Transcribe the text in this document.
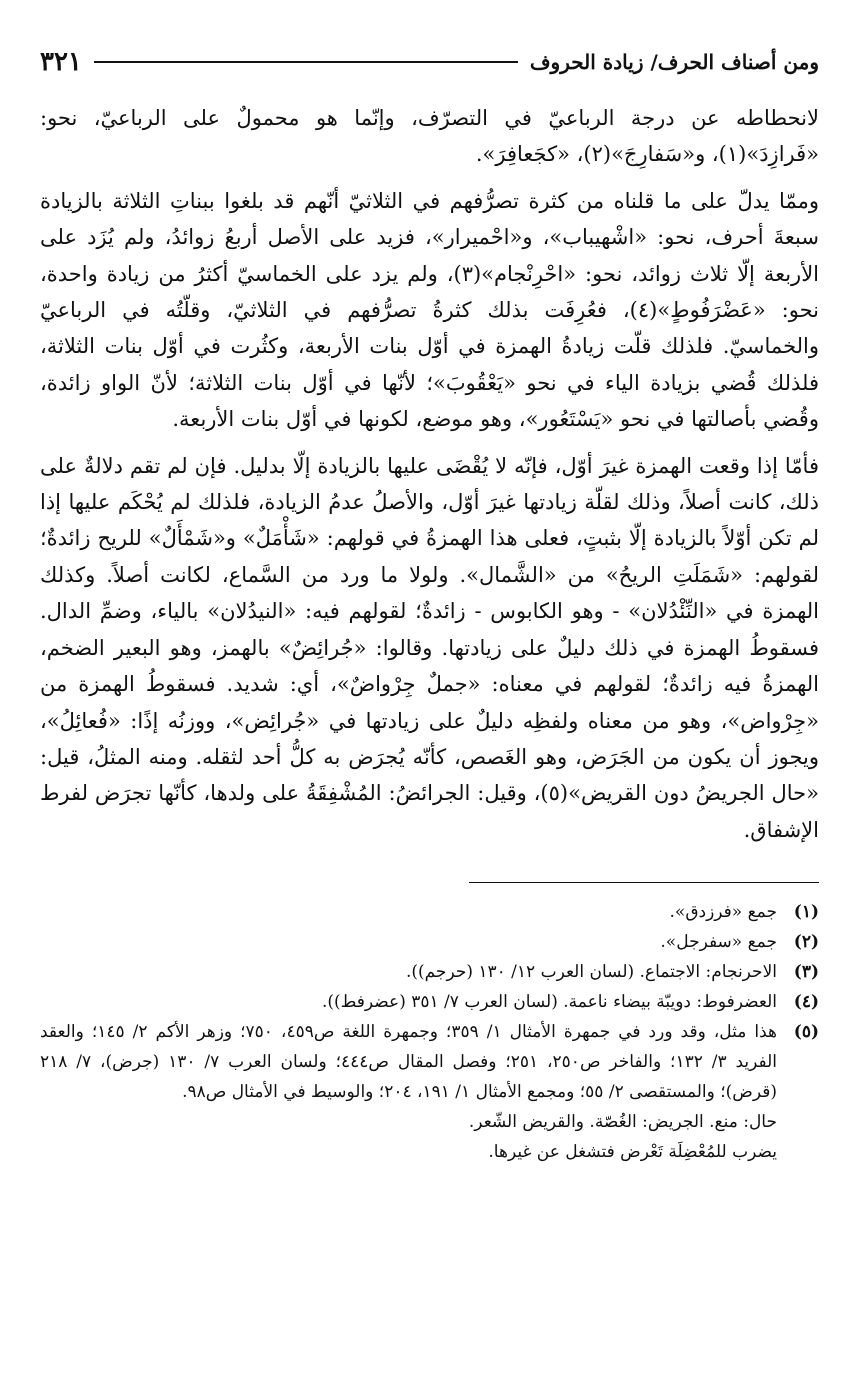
ومن أصناف الحرف/ زيادة الحروف
٣٢١

لانحطاطه عن درجة الرباعيّ في التصرّف، وإنّما هو محمولٌ على الرباعيّ، نحو: «فَرازِدَ»(١)، و«سَفارِجَ»(٢)، «كجَعافِرَ».

وممّا يدلّ على ما قلناه من كثرة تصرُّفهم في الثلاثيّ أنّهم قد بلغوا ببناتِ الثلاثة بالزيادة سبعةَ أحرف، نحو: «اشْهيباب»، و«احْميرار»، فزيد على الأصل أربعُ زوائدُ، ولم يُزَد على الأربعة إلّا ثلاث زوائد، نحو: «احْرِنْجام»(٣)، ولم يزد على الخماسيّ أكثرُ من زيادة واحدة، نحو: «عَضْرَفُوطٍ»(٤)، فعُرِفَت بذلك كثرةُ تصرُّفهم في الثلاثيّ، وقلّتُه في الرباعيّ والخماسيّ. فلذلك قلّت زيادةُ الهمزة في أوّل بنات الأربعة، وكثُرت في أوّل بنات الثلاثة، فلذلك قُضي بزيادة الياء في نحو «يَعْقُوبَ»؛ لأنّها في أوّل بنات الثلاثة؛ لأنّ الواو زائدة، وقُضي بأصالتها في نحو «يَسْتَعُور»، وهو موضع، لكونها في أوّل بنات الأربعة.

فأمّا إذا وقعت الهمزة غيرَ أوّل، فإنّه لا يُقْضَى عليها بالزيادة إلّا بدليل. فإن لم تقم دلالةٌ على ذلك، كانت أصلاً، وذلك لقلّة زيادتها غيرَ أوّل، والأصلُ عدمُ الزيادة، فلذلك لم يُحْكَم عليها إذا لم تكن أوّلاً بالزيادة إلّا بثبتٍ، فعلى هذا الهمزةُ في قولهم: «شَأْمَلٌ» و«شَمْأَلٌ» للريح زائدةٌ؛ لقولهم: «شَمَلَتِ الريحُ» من «الشَّمال». ولولا ما ورد من السَّماع، لكانت أصلاً. وكذلك الهمزة في «النِّئْدُلان» - وهو الكابوس - زائدةٌ؛ لقولهم فيه: «النيدُلان» بالياء، وضمِّ الدال. فسقوطُ الهمزة في ذلك دليلٌ على زيادتها. وقالوا: «جُرائِضٌ» بالهمز، وهو البعير الضخم، الهمزةُ فيه زائدةٌ؛ لقولهم في معناه: «جملٌ جِرْواضٌ»، أي: شديد. فسقوطُ الهمزة من «جِرْواض»، وهو من معناه ولفظِه دليلٌ على زيادتها في «جُرائِض»، ووزنُه إذًا: «فُعائِلُ»، ويجوز أن يكون من الجَرَض، وهو الغَصص، كأنّه يُجرَض به كلُّ أحد لثقله. ومنه المثلُ، قيل: «حال الجريضُ دون القريض»(٥)، وقيل: الجرائضُ: المُشْفِقَةُ على ولدها، كأنّها تجرَض لفرط الإشفاق.

(١)
جمع «فرزدق».
(٢)
جمع «سفرجل».
(٣)
الاحرنجام: الاجتماع. (لسان العرب ١٢/ ١٣٠ (حرجم)).
(٤)
العضرفوط: دويبّة بيضاء ناعمة. (لسان العرب ٧/ ٣٥١ (عضرفط)).
(٥)
هذا مثل، وقد ورد في جمهرة الأمثال ١/ ٣٥٩؛ وجمهرة اللغة ص٤٥٩، ٧٥٠؛ وزهر الأكم ٢/ ١٤٥؛ والعقد الفريد ٣/ ١٣٢؛ والفاخر ص٢٥٠، ٢٥١؛ وفصل المقال ص٤٤٤؛ ولسان العرب ٧/ ١٣٠ (جرض)، ٧/ ٢١٨ (قرض)؛ والمستقصى ٢/ ٥٥؛ ومجمع الأمثال ١/ ١٩١، ٢٠٤؛ والوسيط في الأمثال ص٩٨.
حال: منع. الجريض: الغُصّة. والقريض الشّعر.
يضرب للمُعْضِلَة تَعْرض فتشغل عن غيرها.
